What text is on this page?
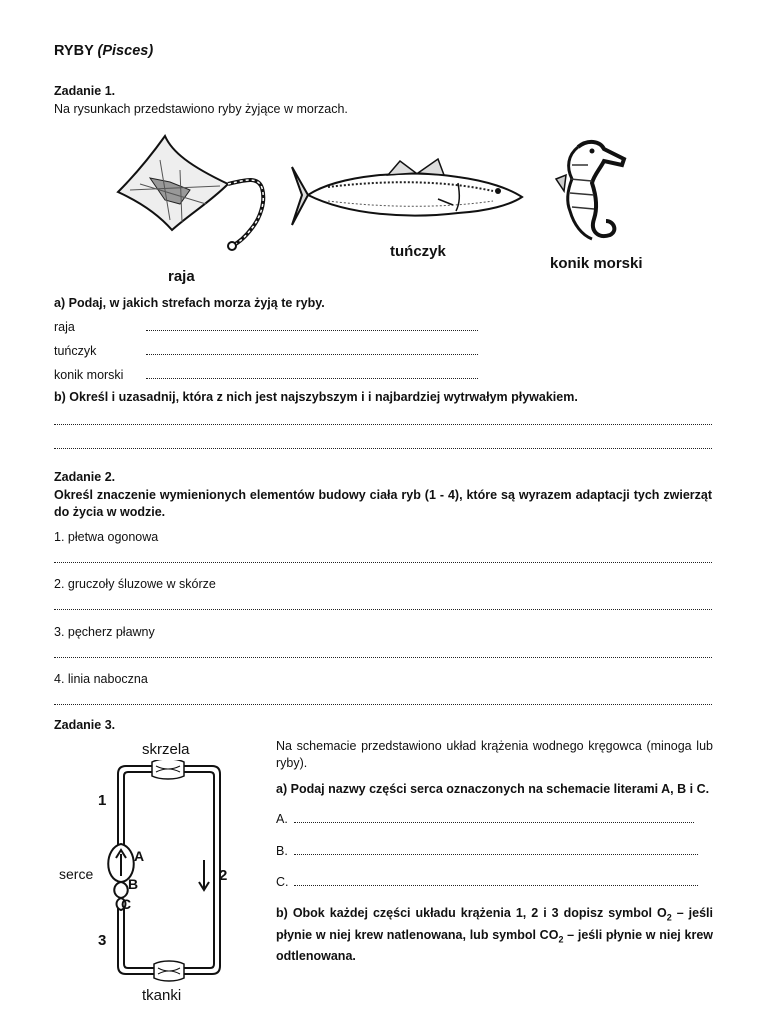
RYBY (Pisces)
Zadanie 1.
Na rysunkach przedstawiono ryby żyjące w morzach.
raja
tuńczyk
konik morski
a) Podaj, w jakich strefach morza żyją te ryby.
raja
tuńczyk
konik morski
b) Określ i uzasadnij, która z nich jest najszybszym i i najbardziej wytrwałym pływakiem.
Zadanie 2.
Określ znaczenie wymienionych elementów budowy ciała ryb (1 - 4), które są wyrazem adaptacji tych zwierząt do życia w wodzie.
1. płetwa ogonowa
2. gruczoły śluzowe w skórze
3. pęcherz pławny
4. linia naboczna
Zadanie 3.
skrzela
tkanki
serce
1
2
3
A
B
C
Na schemacie przedstawiono układ krążenia wodnego kręgowca (minoga lub ryby).
a) Podaj nazwy części serca oznaczonych na schemacie literami A, B i C.
A.
B.
C.
b) Obok każdej części układu krążenia 1, 2 i 3 dopisz symbol $O_2$ – jeśli płynie w niej krew natlenowana, lub symbol $CO_2$ – jeśli płynie w niej krew odtlenowana.
